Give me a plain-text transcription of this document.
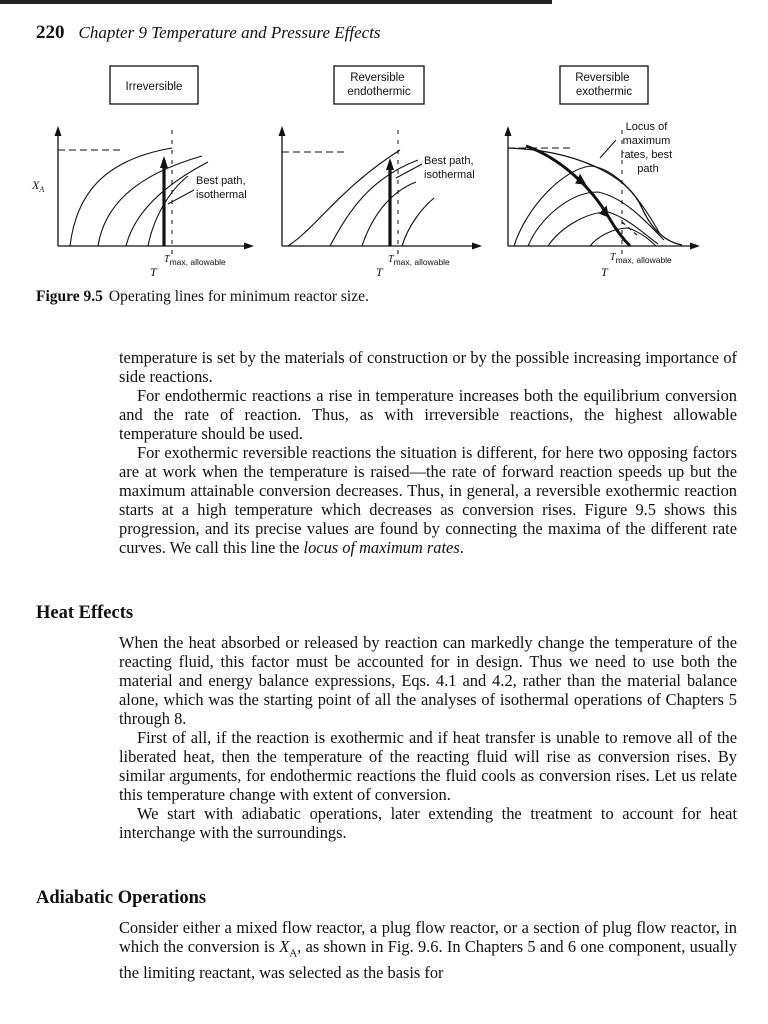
220 Chapter 9 Temperature and Pressure Effects
Irreversible
Best path, isothermal
$X_A$
$T_{max, allowable}$
T
Reversible endothermic
Best path, isothermal
$T_{max, allowable}$
T
Reversible exothermic
Locus of maximum rates, best path
$T_{max, allowable}$
T
Figure 9.5 Operating lines for minimum reactor size.

temperature is set by the materials of construction or by the possible increasing importance of side reactions.

For endothermic reactions a rise in temperature increases both the equilibrium conversion and the rate of reaction. Thus, as with irreversible reactions, the highest allowable temperature should be used.

For exothermic reversible reactions the situation is different, for here two opposing factors are at work when the temperature is raised—the rate of forward reaction speeds up but the maximum attainable conversion decreases. Thus, in general, a reversible exothermic reaction starts at a high temperature which decreases as conversion rises. Figure 9.5 shows this progression, and its precise values are found by connecting the maxima of the different rate curves. We call this line the locus of maximum rates.

Heat Effects

When the heat absorbed or released by reaction can markedly change the temperature of the reacting fluid, this factor must be accounted for in design. Thus we need to use both the material and energy balance expressions, Eqs. 4.1 and 4.2, rather than the material balance alone, which was the starting point of all the analyses of isothermal operations of Chapters 5 through 8.

First of all, if the reaction is exothermic and if heat transfer is unable to remove all of the liberated heat, then the temperature of the reacting fluid will rise as conversion rises. By similar arguments, for endothermic reactions the fluid cools as conversion rises. Let us relate this temperature change with extent of conversion.

We start with adiabatic operations, later extending the treatment to account for heat interchange with the surroundings.

Adiabatic Operations

Consider either a mixed flow reactor, a plug flow reactor, or a section of plug flow reactor, in which the conversion is $X_A$, as shown in Fig. 9.6. In Chapters 5 and 6 one component, usually the limiting reactant, was selected as the basis for
